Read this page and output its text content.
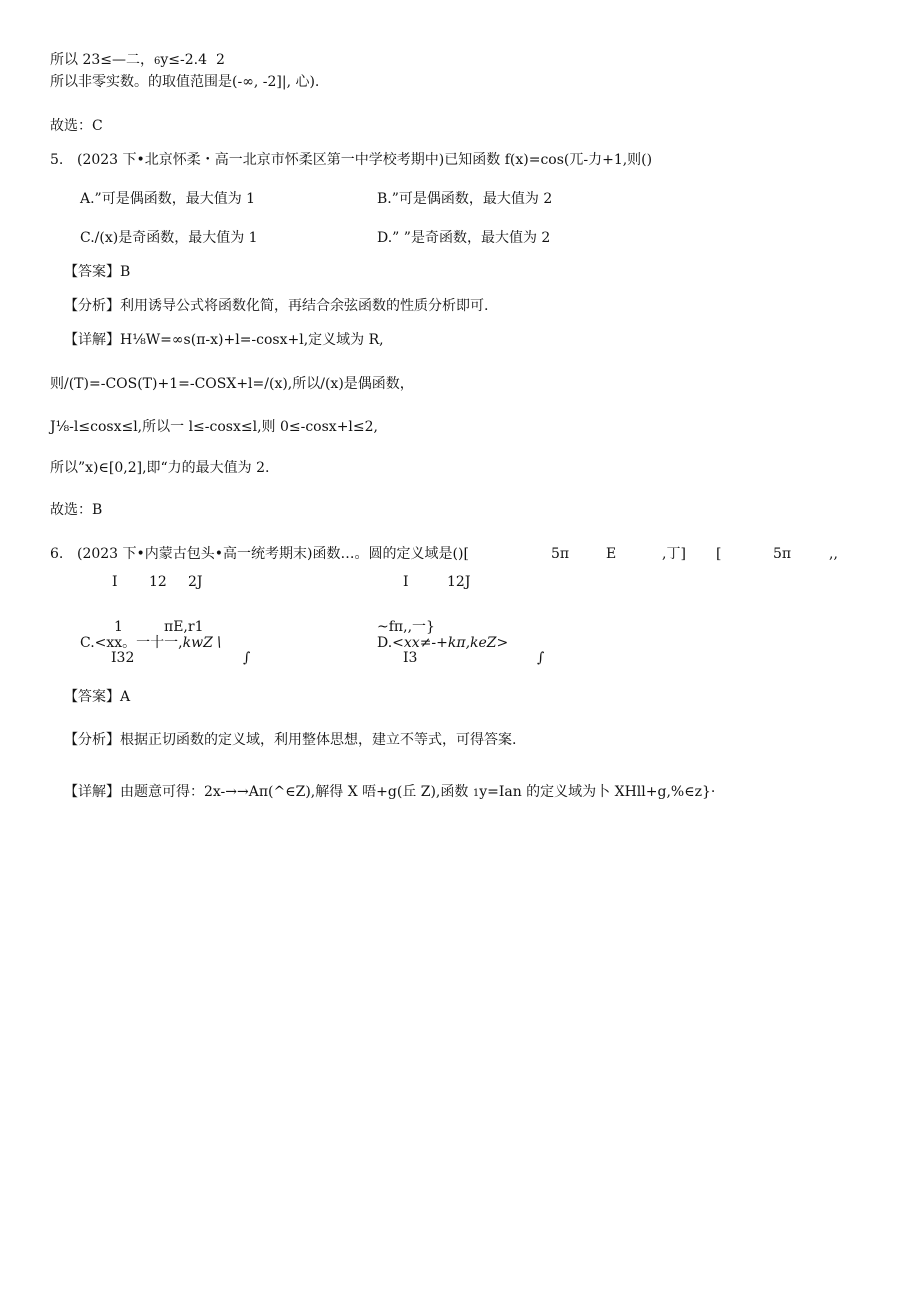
所以 23≤—二，6y≤-2.4 2
所以非零实数。的取值范围是(-∞, -2]|, 心).
故选：C
5. (2023 下•北京怀柔・高一北京市怀柔区第一中学校考期中)已知函数 f(x)=cos(兀-力+1,则()
A.”可是偶函数，最大值为 1	B.”可是偶函数，最大值为 2
C./(x)是奇函数，最大值为 1	D.” ”是奇函数，最大值为 2
【答案】B
【分析】利用诱导公式将函数化简，再结合余弦函数的性质分析即可.
【详解】H⅛W=∞s(π-x)+l=-cosx+l,定义域为 R,
则/(T)=-COS(T)+1=-COSX+l=/(x),所以/(x)是偶函数，
J⅛-l≤cosx≤l,所以一 l≤-cosx≤l,则 0≤-cosx+l≤2,
所以”x)∈[0,2],即“力的最大值为 2.
故选：B
6. (2023 下•内蒙古包头•高一统考期末)函数…。圆的定义域是()[	5π	E	,丁] [	5π	,,
I 12 2J	I	12J
1	πE,r1
C.<xx。一十一,kwZ∖
I32	∫
~fπ,,一}
D.<xx≠-+kπ,keZ>
I3	∫
【答案】A
【分析】根据正切函数的定义域，利用整体思想，建立不等式，可得答案.
【详解】由题意可得：2x-→→Aπ(^∈Z),解得 X 唔+g(丘 Z),函数 1y=Ian 的定义域为卜 XHll+g,%∈z}·
